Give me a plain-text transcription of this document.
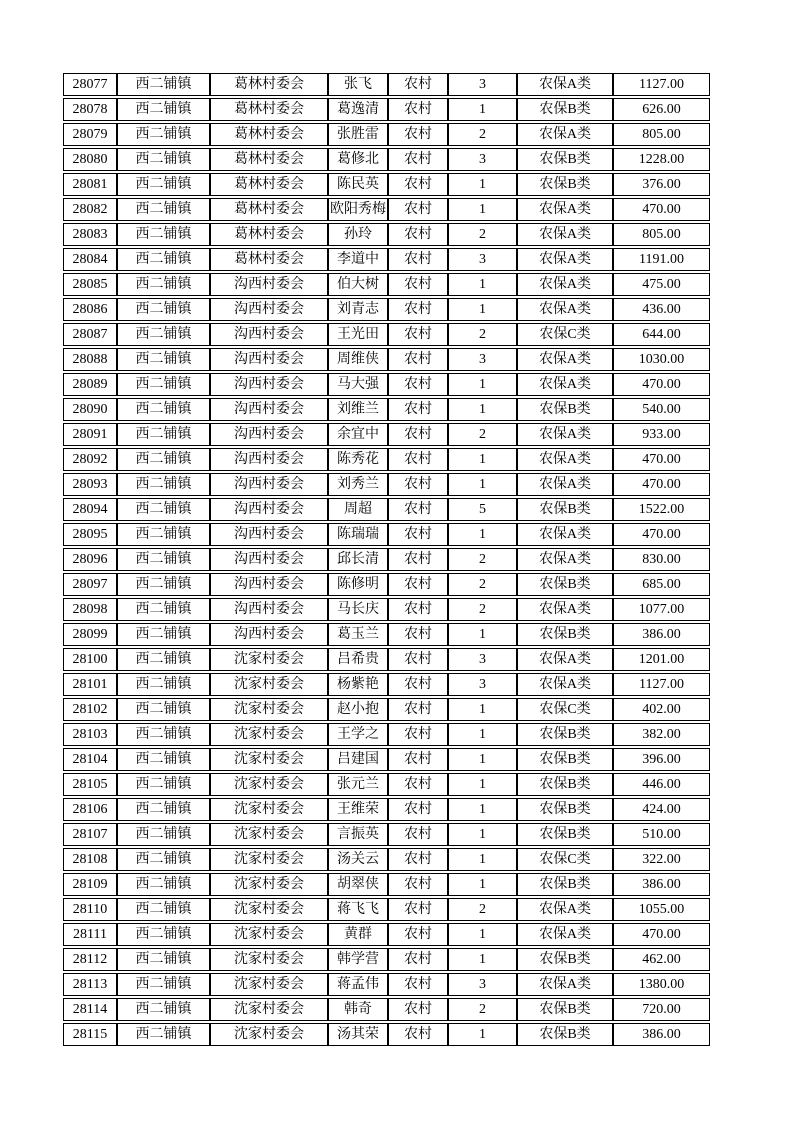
28077	西二铺镇	葛林村委会	张飞	农村	3	农保A类	1127.00
28078	西二铺镇	葛林村委会	葛逸清	农村	1	农保B类	626.00
28079	西二铺镇	葛林村委会	张胜雷	农村	2	农保A类	805.00
28080	西二铺镇	葛林村委会	葛修北	农村	3	农保B类	1228.00
28081	西二铺镇	葛林村委会	陈民英	农村	1	农保B类	376.00
28082	西二铺镇	葛林村委会	欧阳秀梅	农村	1	农保A类	470.00
28083	西二铺镇	葛林村委会	孙玲	农村	2	农保A类	805.00
28084	西二铺镇	葛林村委会	李道中	农村	3	农保A类	1191.00
28085	西二铺镇	沟西村委会	伯大树	农村	1	农保A类	475.00
28086	西二铺镇	沟西村委会	刘青志	农村	1	农保A类	436.00
28087	西二铺镇	沟西村委会	王光田	农村	2	农保C类	644.00
28088	西二铺镇	沟西村委会	周维侠	农村	3	农保A类	1030.00
28089	西二铺镇	沟西村委会	马大强	农村	1	农保A类	470.00
28090	西二铺镇	沟西村委会	刘维兰	农村	1	农保B类	540.00
28091	西二铺镇	沟西村委会	余宜中	农村	2	农保A类	933.00
28092	西二铺镇	沟西村委会	陈秀花	农村	1	农保A类	470.00
28093	西二铺镇	沟西村委会	刘秀兰	农村	1	农保A类	470.00
28094	西二铺镇	沟西村委会	周超	农村	5	农保B类	1522.00
28095	西二铺镇	沟西村委会	陈瑞瑞	农村	1	农保A类	470.00
28096	西二铺镇	沟西村委会	邱长清	农村	2	农保A类	830.00
28097	西二铺镇	沟西村委会	陈修明	农村	2	农保B类	685.00
28098	西二铺镇	沟西村委会	马长庆	农村	2	农保A类	1077.00
28099	西二铺镇	沟西村委会	葛玉兰	农村	1	农保B类	386.00
28100	西二铺镇	沈家村委会	吕希贵	农村	3	农保A类	1201.00
28101	西二铺镇	沈家村委会	杨紫艳	农村	3	农保A类	1127.00
28102	西二铺镇	沈家村委会	赵小抱	农村	1	农保C类	402.00
28103	西二铺镇	沈家村委会	王学之	农村	1	农保B类	382.00
28104	西二铺镇	沈家村委会	吕建国	农村	1	农保B类	396.00
28105	西二铺镇	沈家村委会	张元兰	农村	1	农保B类	446.00
28106	西二铺镇	沈家村委会	王维荣	农村	1	农保B类	424.00
28107	西二铺镇	沈家村委会	言振英	农村	1	农保B类	510.00
28108	西二铺镇	沈家村委会	汤关云	农村	1	农保C类	322.00
28109	西二铺镇	沈家村委会	胡翠侠	农村	1	农保B类	386.00
28110	西二铺镇	沈家村委会	蒋飞飞	农村	2	农保A类	1055.00
28111	西二铺镇	沈家村委会	黄群	农村	1	农保A类	470.00
28112	西二铺镇	沈家村委会	韩学营	农村	1	农保B类	462.00
28113	西二铺镇	沈家村委会	蒋孟伟	农村	3	农保A类	1380.00
28114	西二铺镇	沈家村委会	韩奇	农村	2	农保B类	720.00
28115	西二铺镇	沈家村委会	汤其荣	农村	1	农保B类	386.00
